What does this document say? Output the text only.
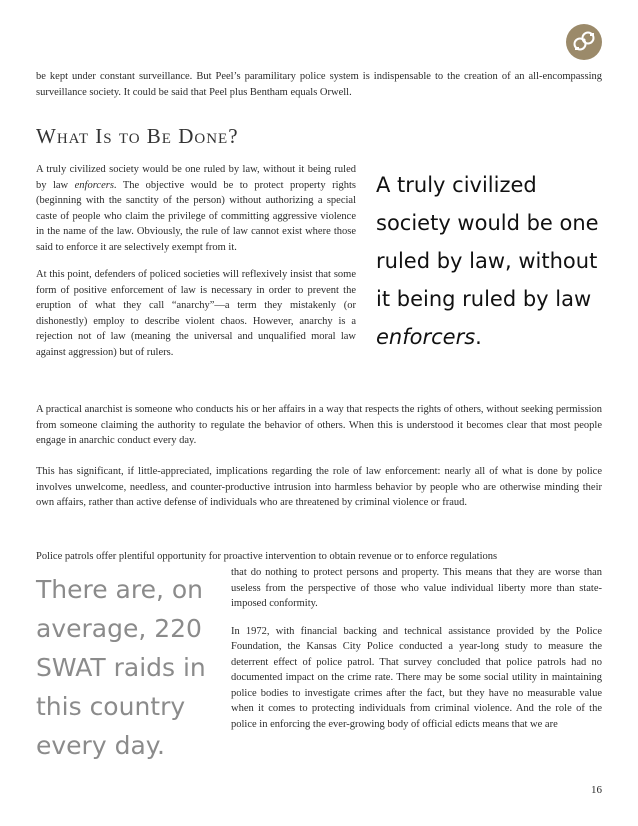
be kept under constant surveillance. But Peel’s paramilitary police system is indispensable to the creation of an all-encompassing surveillance society. It could be said that Peel plus Bentham equals Orwell.

What Is to Be Done?

A truly civilized society would be one ruled by law, without it being ruled by law enforcers. The objective would be to protect property rights (beginning with the sanctity of the person) without authorizing a special caste of people who claim the privilege of committing aggressive violence in the name of the law. Obviously, the rule of law cannot exist where those said to enforce it are selectively exempt from it.

At this point, defenders of policed societies will reflexively insist that some form of positive enforcement of law is necessary in order to prevent the eruption of what they call “anarchy”—a term they mistakenly (or dishonestly) employ to describe violent chaos. However, anarchy is a rejection not of law (meaning the universal and unqualified moral law against aggression) but of rulers.

A truly civilized society would be one ruled by law, without it being ruled by law enforcers.

A practical anarchist is someone who conducts his or her affairs in a way that respects the rights of others, without seeking permission from someone claiming the authority to regulate the behavior of others. When this is understood it becomes clear that most people engage in anarchic conduct every day.

This has significant, if little-appreciated, implications regarding the role of law enforcement: nearly all of what is done by police involves unwelcome, needless, and counter-productive intrusion into harmless behavior by people who are otherwise minding their own affairs, rather than active defense of individuals who are threatened by criminal violence or fraud.

Police patrols offer plentiful opportunity for proactive intervention to obtain revenue or to enforce regulations

There are, on average, 220 SWAT raids in this country every day.

that do nothing to protect persons and property. This means that they are worse than useless from the perspective of those who value individual liberty more than state-imposed conformity.

In 1972, with financial backing and technical assistance provided by the Police Foundation, the Kansas City Police conducted a year-long study to measure the deterrent effect of police patrol. That survey concluded that police patrols had no documented impact on the crime rate. There may be some social utility in maintaining police bodies to investigate crimes after the fact, but they have no measurable value when it comes to protecting individuals from criminal violence. And the role of the police in enforcing the ever-growing body of official edicts means that we are

16
